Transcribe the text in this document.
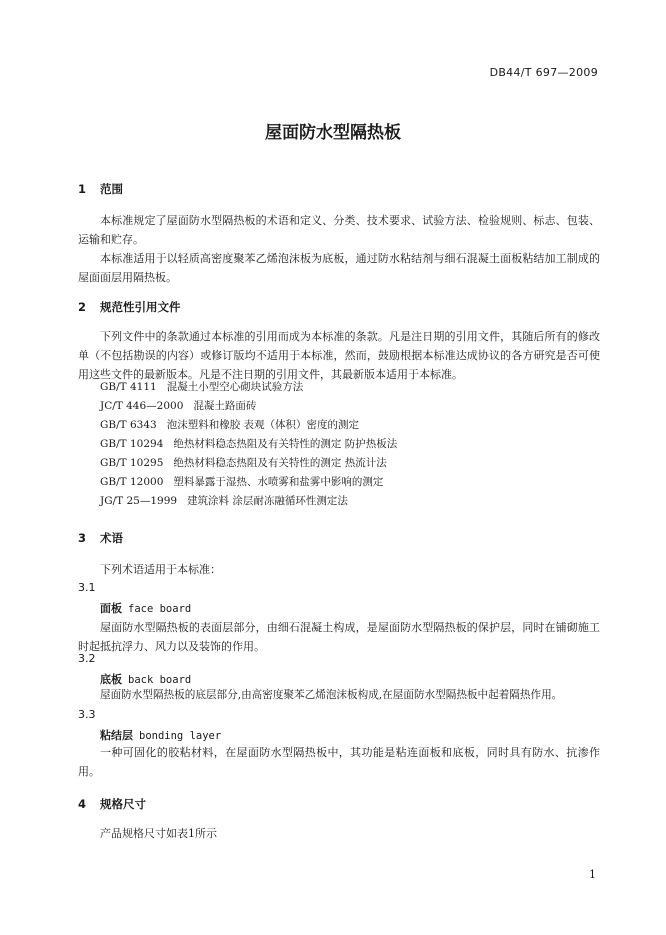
DB44/T 697—2009
屋面防水型隔热板
1 范围
本标准规定了屋面防水型隔热板的术语和定义、分类、技术要求、试验方法、检验规则、标志、包装、运输和贮存。
本标准适用于以轻质高密度聚苯乙烯泡沫板为底板，通过防水粘结剂与细石混凝土面板粘结加工制成的屋面面层用隔热板。
2 规范性引用文件
下列文件中的条款通过本标准的引用而成为本标准的条款。凡是注日期的引用文件，其随后所有的修改单（不包括勘误的内容）或修订版均不适用于本标准，然而，鼓励根据本标准达成协议的各方研究是否可使用这些文件的最新版本。凡是不注日期的引用文件，其最新版本适用于本标准。
GB/T 4111 混凝土小型空心砌块试验方法
JC/T 446—2000 混凝土路面砖
GB/T 6343 泡沫塑料和橡胶 表观（体积）密度的测定
GB/T 10294 绝热材料稳态热阻及有关特性的测定 防护热板法
GB/T 10295 绝热材料稳态热阻及有关特性的测定 热流计法
GB/T 12000 塑料暴露于湿热、水喷雾和盐雾中影响的测定
JG/T 25—1999 建筑涂料 涂层耐冻融循环性测定法
3 术语
下列术语适用于本标准：
3.1
面板 face board
屋面防水型隔热板的表面层部分，由细石混凝土构成，是屋面防水型隔热板的保护层，同时在铺砌施工时起抵抗浮力、风力以及装饰的作用。
3.2
底板 back board
屋面防水型隔热板的底层部分,由高密度聚苯乙烯泡沫板构成,在屋面防水型隔热板中起着隔热作用。
3.3
粘结层 bonding layer
一种可固化的胶粘材料，在屋面防水型隔热板中，其功能是粘连面板和底板，同时具有防水、抗渗作用。
4 规格尺寸
产品规格尺寸如表1所示
1
